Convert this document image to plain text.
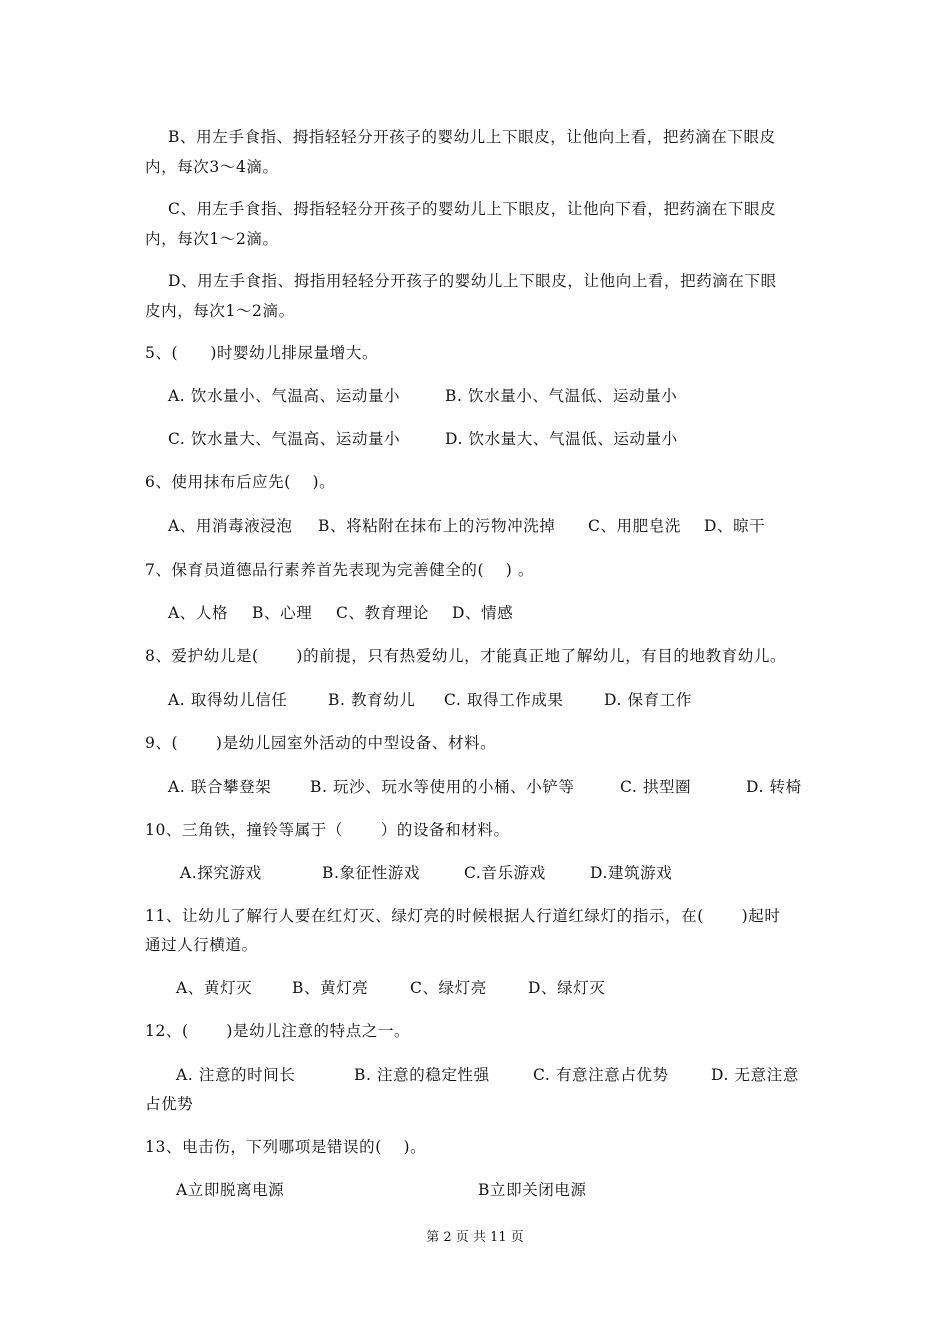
B、用左手食指、拇指轻轻分开孩子的婴幼儿上下眼皮，让他向上看，把药滴在下眼皮
内，每次3～4滴。
C、用左手食指、拇指轻轻分开孩子的婴幼儿上下眼皮，让他向下看，把药滴在下眼皮
内，每次1～2滴。
D、用左手食指、拇指用轻轻分开孩子的婴幼儿上下眼皮，让他向上看，把药滴在下眼
皮内，每次1～2滴。
5、(　　)时婴幼儿排尿量增大。
A. 饮水量小、气温高、运动量小	B. 饮水量小、气温低、运动量小
C. 饮水量大、气温高、运动量小	D. 饮水量大、气温低、运动量小
6、使用抹布后应先(　 )。
A、用消毒液浸泡 B、将粘附在抹布上的污物冲洗掉 C、用肥皂洗 D、晾干
7、保育员道德品行素养首先表现为完善健全的(　 ) 。
A、人格 B、心理 C、教育理论 D、情感
8、爱护幼儿是(　 　)的前提，只有热爱幼儿，才能真正地了解幼儿，有目的地教育幼儿。
A. 取得幼儿信任	B. 教育幼儿 C. 取得工作成果	D. 保育工作
9、(　 　)是幼儿园室外活动的中型设备、材料。
A. 联合攀登架 B. 玩沙、玩水等使用的小桶、小铲等	C. 拱型圈	D. 转椅
10、三角铁，撞铃等属于（　　 ）的设备和材料。
A.探究游戏	B.象征性游戏	C.音乐游戏	D.建筑游戏
11、让幼儿了解行人要在红灯灭、绿灯亮的时候根据人行道红绿灯的指示，在(　　 )起时
通过人行横道。
A、黄灯灭	B、黄灯亮	C、绿灯亮	D、绿灯灭
12、(　　 )是幼儿注意的特点之一。
A. 注意的时间长	B. 注意的稳定性强	C. 有意注意占优势	D. 无意注意
占优势
13、电击伤，下列哪项是错误的(　 )。
A立即脱离电源	B立即关闭电源
第 2 页 共 11 页
